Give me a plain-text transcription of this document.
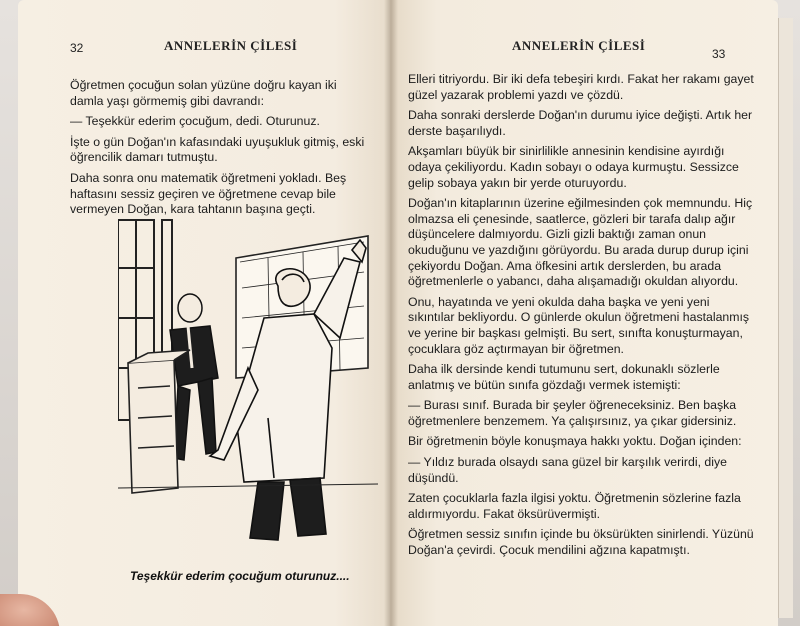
32	ANNELERİN ÇİLESİ

Öğretmen çocuğun solan yüzüne doğru kayan iki damla yaşı görmemiş gibi davrandı:

— Teşekkür ederim çocuğum, dedi. Oturunuz.

İşte o gün Doğan'ın kafasındaki uyuşukluk gitmiş, eski öğrencilik damarı tutmuştu.

Daha sonra onu matematik öğretmeni yokladı. Beş haftasını sessiz geçiren ve öğretmene cevap bile vermeyen Doğan, kara tahtanın başına geçti.

Teşekkür ederim çocuğum oturunuz....
ANNELERİN ÇİLESİ
33

Elleri titriyordu. Bir iki defa tebeşiri kırdı. Fakat her rakamı gayet güzel yazarak problemi yazdı ve çözdü.

Daha sonraki derslerde Doğan'ın durumu iyice değişti. Artık her derste başarılıydı.

Akşamları büyük bir sinirlilikle annesinin kendisine ayırdığı odaya çekiliyordu. Kadın sobayı o odaya kurmuştu. Sessizce gelip sobaya yakın bir yerde oturuyordu.

Doğan'ın kitaplarının üzerine eğilmesinden çok memnundu. Hiç olmazsa eli çenesinde, saatlerce, gözleri bir tarafa dalıp ağır düşüncelere dalmıyordu. Gizli gizli baktığı zaman onun okuduğunu ve yazdığını görüyordu. Bu arada durup durup içini çekiyordu Doğan. Ama öfkesini artık derslerden, bu arada öğretmenlerle o yabancı, daha alışamadığı okuldan alıyordu.

Onu, hayatında ve yeni okulda daha başka ve yeni yeni sıkıntılar bekliyordu. O günlerde okulun öğretmeni hastalanmış ve yerine bir başkası gelmişti. Bu sert, sınıfta konuşturmayan, çocuklara göz açtırmayan bir öğretmen.

Daha ilk dersinde kendi tutumunu sert, dokunaklı sözlerle anlatmış ve bütün sınıfa gözdağı vermek istemişti:

— Burası sınıf. Burada bir şeyler öğreneceksiniz. Ben başka öğretmenlere benzemem. Ya çalışırsınız, ya çıkar gidersiniz.

Bir öğretmenin böyle konuşmaya hakkı yoktu. Doğan içinden:

— Yıldız burada olsaydı sana güzel bir karşılık verirdi, diye düşündü.

Zaten çocuklarla fazla ilgisi yoktu. Öğretmenin sözlerine fazla aldırmıyordu. Fakat öksürüvermişti.

Öğretmen sessiz sınıfın içinde bu öksürükten sinirlendi. Yüzünü Doğan'a çevirdi. Çocuk mendilini ağzına kapatmıştı.
